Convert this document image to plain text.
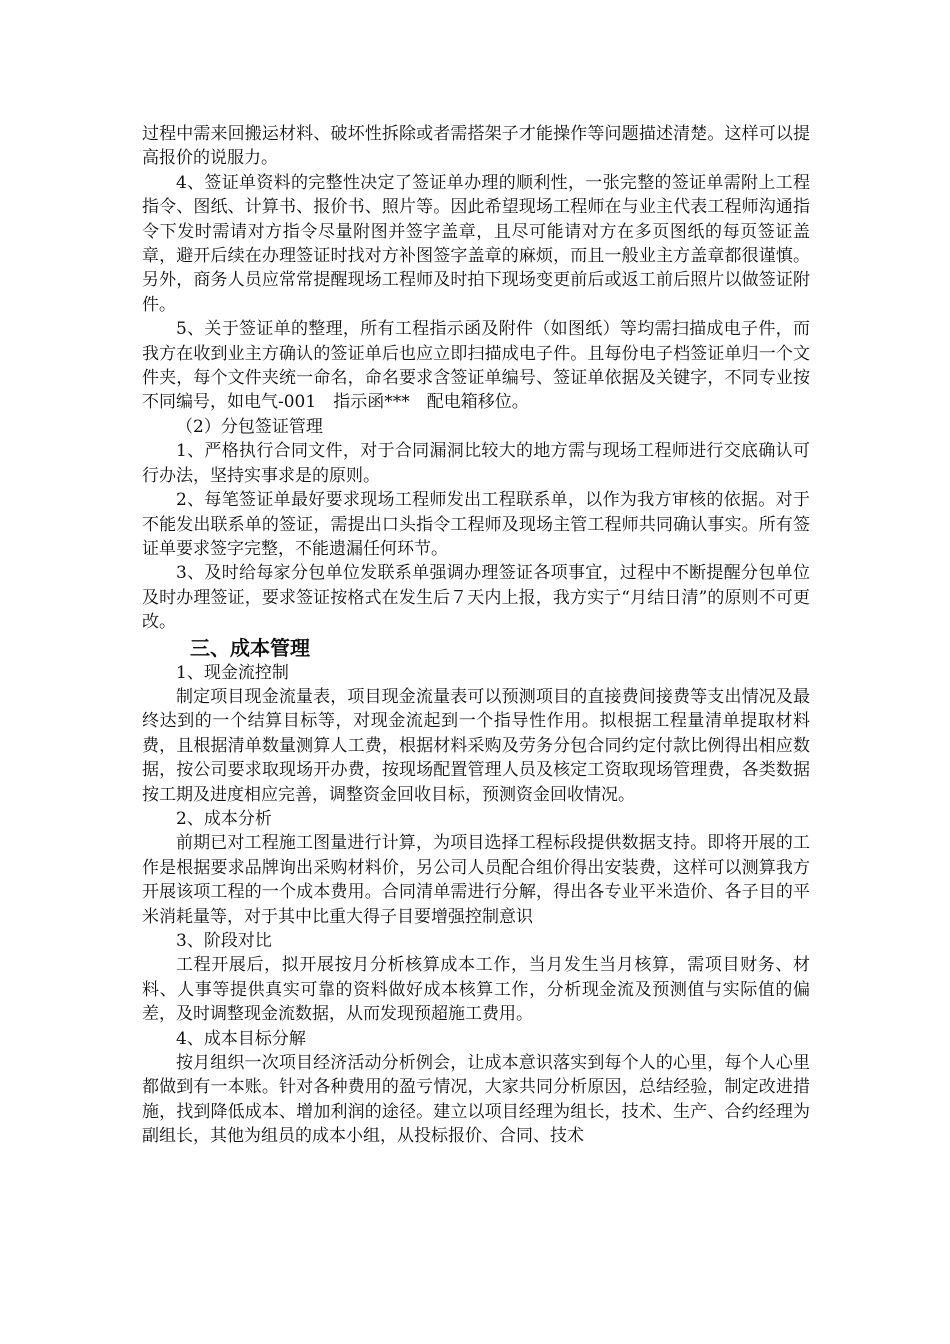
过程中需来回搬运材料、破坏性拆除或者需搭架子才能操作等问题描述清楚。这样可以提高报价的说服力。

4、签证单资料的完整性决定了签证单办理的顺利性，一张完整的签证单需附上工程指令、图纸、计算书、报价书、照片等。因此希望现场工程师在与业主代表工程师沟通指令下发时需请对方指令尽量附图并签字盖章，且尽可能请对方在多页图纸的每页签证盖章，避开后续在办理签证时找对方补图签字盖章的麻烦，而且一般业主方盖章都很谨慎。另外，商务人员应常常提醒现场工程师及时拍下现场变更前后或返工前后照片以做签证附件。

5、关于签证单的整理，所有工程指示函及附件（如图纸）等均需扫描成电子件，而我方在收到业主方确认的签证单后也应立即扫描成电子件。且每份电子档签证单归一个文件夹，每个文件夹统一命名，命名要求含签证单编号、签证单依据及关键字，不同专业按不同编号，如电气-001　指示函***　配电箱移位。

（2）分包签证管理

1、严格执行合同文件，对于合同漏洞比较大的地方需与现场工程师进行交底确认可行办法，坚持实事求是的原则。

2、每笔签证单最好要求现场工程师发出工程联系单，以作为我方审核的依据。对于不能发出联系单的签证，需提出口头指令工程师及现场主管工程师共同确认事实。所有签证单要求签字完整，不能遗漏任何环节。

3、及时给每家分包单位发联系单强调办理签证各项事宜，过程中不断提醒分包单位及时办理签证，要求签证按格式在发生后７天内上报，我方实亍“月结日清”的原则不可更改。

三、成本管理

1、现金流控制

制定项目现金流量表，项目现金流量表可以预测项目的直接费间接费等支出情况及最终达到的一个结算目标等，对现金流起到一个指导性作用。拟根据工程量清单提取材料费，且根据清单数量测算人工费，根据材料采购及劳务分包合同约定付款比例得出相应数据，按公司要求取现场开办费，按现场配置管理人员及核定工资取现场管理费，各类数据按工期及进度相应完善，调整资金回收目标，预测资金回收情况。

2、成本分析

前期已对工程施工图量进行计算，为项目选择工程标段提供数据支持。即将开展的工作是根据要求品牌询出采购材料价，另公司人员配合组价得出安装费，这样可以测算我方开展该项工程的一个成本费用。合同清单需进行分解，得出各专业平米造价、各子目的平米消耗量等，对于其中比重大得子目要增强控制意识

3、阶段对比

工程开展后，拟开展按月分析核算成本工作，当月发生当月核算，需项目财务、材料、人事等提供真实可靠的资料做好成本核算工作，分析现金流及预测值与实际值的偏差，及时调整现金流数据，从而发现预超施工费用。

4、成本目标分解

按月组织一次项目经济活动分析例会，让成本意识落实到每个人的心里，每个人心里都做到有一本账。针对各种费用的盈亏情况，大家共同分析原因，总结经验，制定改进措施，找到降低成本、增加利润的途径。建立以项目经理为组长，技术、生产、合约经理为副组长，其他为组员的成本小组，从投标报价、合同、技术
